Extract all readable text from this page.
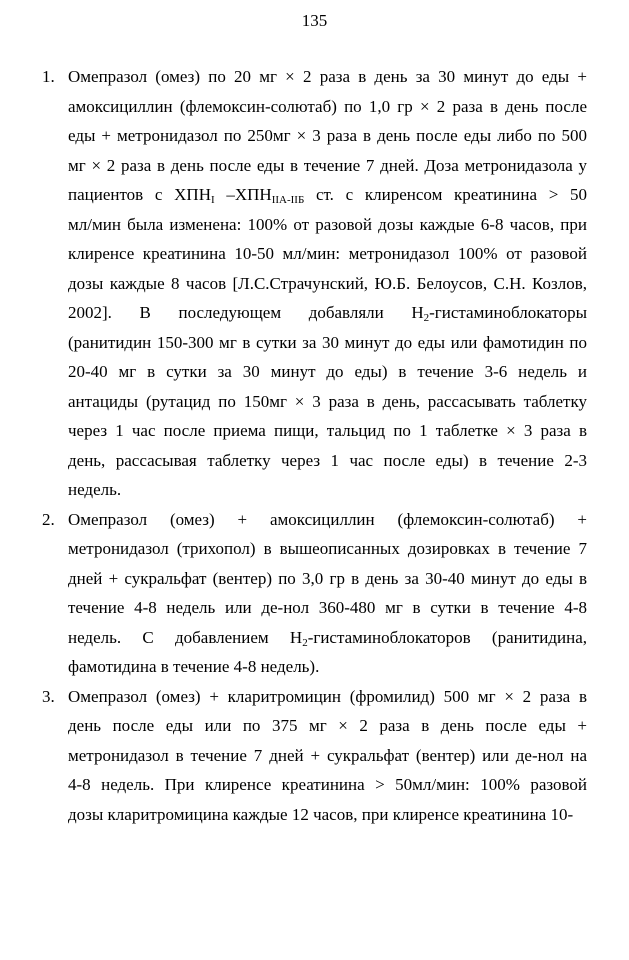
135
1. Омепразол (омез) по 20 мг × 2 раза в день за 30 минут до еды +
амоксициллин (флемоксин-солютаб) по 1,0 гр × 2 раза в день после
еды + метронидазол по 250мг × 3 раза в день после еды либо по 500
мг × 2 раза в день после еды в течение 7 дней. Доза метронидазола у
пациентов с $ХПН_I$ $-ХПН_{IIA-IIБ}$ ст. с клиренсом креатинина > 50
мл/мин была изменена: 100% от разовой дозы каждые 6-8 часов, при
клиренсе креатинина 10-50 мл/мин: метронидазол 100% от разовой
дозы каждые 8 часов [Л.С.Страчунский, Ю.Б. Белоусов, С.Н. Козлов,
2002]. В последующем добавляли $H_2$-гистаминоблокаторы
(ранитидин 150-300 мг в сутки за 30 минут до еды или фамотидин по
20-40 мг в сутки за 30 минут до еды) в течение 3-6 недель и
антациды (рутацид по 150мг × 3 раза в день, рассасывать таблетку
через 1 час после приема пищи, тальцид по 1 таблетке × 3 раза в
день, рассасывая таблетку через 1 час после еды) в течение 2-3
недель.
2. Омепразол (омез) + амоксициллин (флемоксин-солютаб) +
метронидазол (трихопол) в вышеописанных дозировках в течение 7
дней + сукральфат (вентер) по 3,0 гр в день за 30-40 минут до еды в
течение 4-8 недель или де-нол 360-480 мг в сутки в течение 4-8
недель. С добавлением $H_2$-гистаминоблокаторов (ранитидина,
фамотидина в течение 4-8 недель).
3. Омепразол (омез) + кларитромицин (фромилид) 500 мг × 2 раза в
день после еды или по 375 мг × 2 раза в день после еды +
метронидазол в течение 7 дней + сукральфат (вентер) или де-нол на
4-8 недель. При клиренсе креатинина > 50мл/мин: 100% разовой
дозы кларитромицина каждые 12 часов, при клиренсе креатинина 10-
